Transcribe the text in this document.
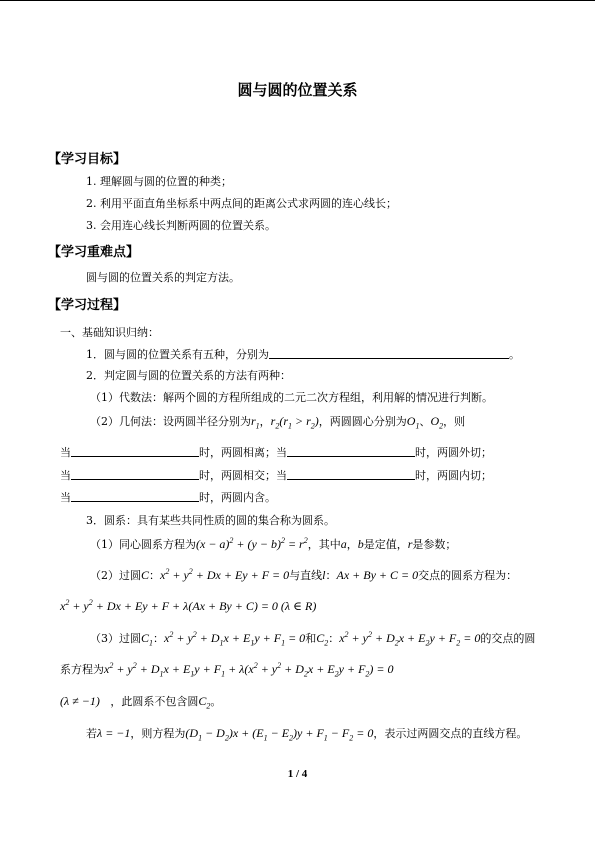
圆与圆的位置关系
【学习目标】
1. 理解圆与圆的位置的种类；
2. 利用平面直角坐标系中两点间的距离公式求两圆的连心线长；
3. 会用连心线长判断两圆的位置关系。
【学习重难点】
圆与圆的位置关系的判定方法。
【学习过程】
一、基础知识归纳：
1．圆与圆的位置关系有五种，分别为	。
2．判定圆与圆的位置关系的方法有两种：
（1）代数法：解两个圆的方程所组成的二元二次方程组，利用解的情况进行判断。
（2）几何法：设两圆半径分别为$r_1$，$r_2(r_1 > r_2)$，两圆圆心分别为$O_1$、$O_2$，则
当	时，两圆相离；当	时，两圆外切；
当	时，两圆相交；当	时，两圆内切；
当	时，两圆内含。
3．圆系：具有某些共同性质的圆的集合称为圆系。
（1）同心圆系方程为$(x - a)^2 + (y - b)^2 = r^2$，其中a，b是定值，r是参数；
（2）过圆C：$x^2 + y^2 + Dx + Ey + F = 0$与直线l：Ax + By + C = 0交点的圆系方程为：
$x^2 + y^2 + Dx + Ey + F + \lambda(Ax + By + C) = 0$ (λ ∈ R)
（3）过圆$C_1$：$x^2 + y^2 + D_1x + E_1y + F_1 = 0$和$C_2$：$x^2 + y^2 + D_2x + E_2y + F_2 = 0$的交点的圆
系方程为$x^2 + y^2 + D_1x + E_1y + F_1 + \lambda(x^2 + y^2 + D_2x + E_2y + F_2) = 0$
(λ ≠ −1) ，此圆系不包含圆$C_2$。
若λ = −1，则方程为$(D_1 - D_2)x + (E_1 - E_2)y + F_1 - F_2 = 0$，表示过两圆交点的直线方程。
1 / 4
